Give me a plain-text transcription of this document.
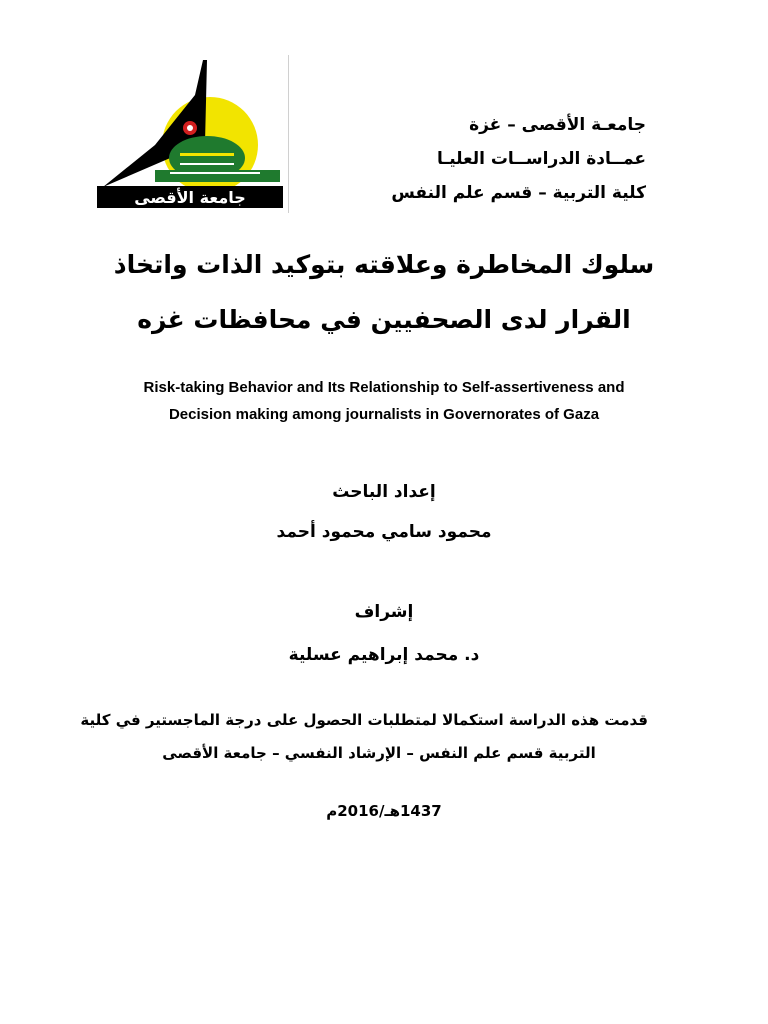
جامعة الأقصى
جامعـة الأقصى – غزة
عمــادة الدراســات العليـا
كلية التربية – قسم علم النفس
سلوك المخاطرة وعلاقته بتوكيد الذات واتخاذ
القرار لدى الصحفيين في محافظات غزه
Risk-taking Behavior and Its Relationship to Self-assertiveness and
Decision making among journalists in Governorates of Gaza
إعداد الباحث
محمود سامي محمود أحمد
إشراف
د. محمد إبراهيم عسلية
قدمت هذه الدراسة استكمالا لمتطلبات الحصول على درجة الماجستير في كلية
التربية قسم علم النفس – الإرشاد النفسي – جامعة الأقصى
1437هـ/2016م
